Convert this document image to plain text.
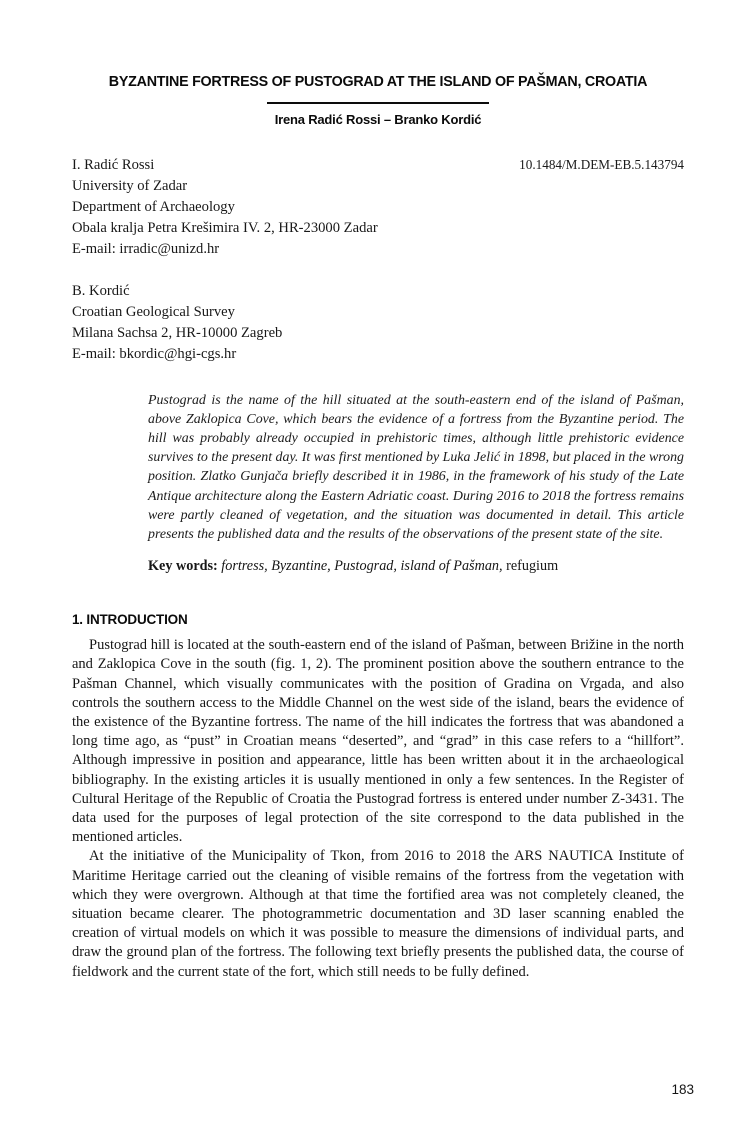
BYZANTINE FORTRESS OF PUSTOGRAD AT THE ISLAND OF PAŠMAN, CROATIA
Irena Radić Rossi – Branko Kordić
I. Radić Rossi	10.1484/M.DEM-EB.5.143794
University of Zadar
Department of Archaeology
Obala kralja Petra Krešimira IV. 2, HR-23000 Zadar
E-mail: irradic@unizd.hr
B. Kordić
Croatian Geological Survey
Milana Sachsa 2, HR-10000 Zagreb
E-mail: bkordic@hgi-cgs.hr

Pustograd is the name of the hill situated at the south-eastern end of the island of Pašman, above Zaklopica Cove, which bears the evidence of a fortress from the Byzantine period. The hill was probably already occupied in prehistoric times, although little prehistoric evidence survives to the present day. It was first mentioned by Luka Jelić in 1898, but placed in the wrong position. Zlatko Gunjača briefly described it in 1986, in the framework of his study of the Late Antique architecture along the Eastern Adriatic coast. During 2016 to 2018 the fortress remains were partly cleaned of vegetation, and the situation was documented in detail. This article presents the published data and the results of the observations of the present state of the site.

Key words: fortress, Byzantine, Pustograd, island of Pašman, refugium

1. INTRODUCTION

Pustograd hill is located at the south-eastern end of the island of Pašman, between Brižine in the north and Zaklopica Cove in the south (fig. 1, 2). The prominent position above the southern entrance to the Pašman Channel, which visually communicates with the position of Gradina on Vrgada, and also controls the southern access to the Middle Channel on the west side of the island, bears the evidence of the existence of the Byzantine fortress. The name of the hill indicates the fortress that was abandoned a long time ago, as “pust” in Croatian means “deserted”, and “grad” in this case refers to a “hillfort”. Although impressive in position and appearance, little has been written about it in the archaeological bibliography. In the existing articles it is usually mentioned in only a few sentences. In the Register of Cultural Heritage of the Republic of Croatia the Pustograd fortress is entered under number Z-3431. The data used for the purposes of legal protection of the site correspond to the data published in the mentioned articles.

At the initiative of the Municipality of Tkon, from 2016 to 2018 the ARS NAUTICA Institute of Maritime Heritage carried out the cleaning of visible remains of the fortress from the vegetation with which they were overgrown. Although at that time the fortified area was not completely cleaned, the situation became clearer. The photogrammetric documentation and 3D laser scanning enabled the creation of virtual models on which it was possible to measure the dimensions of individual parts, and draw the ground plan of the fortress. The following text briefly presents the published data, the course of fieldwork and the current state of the fort, which still needs to be fully defined.

183
